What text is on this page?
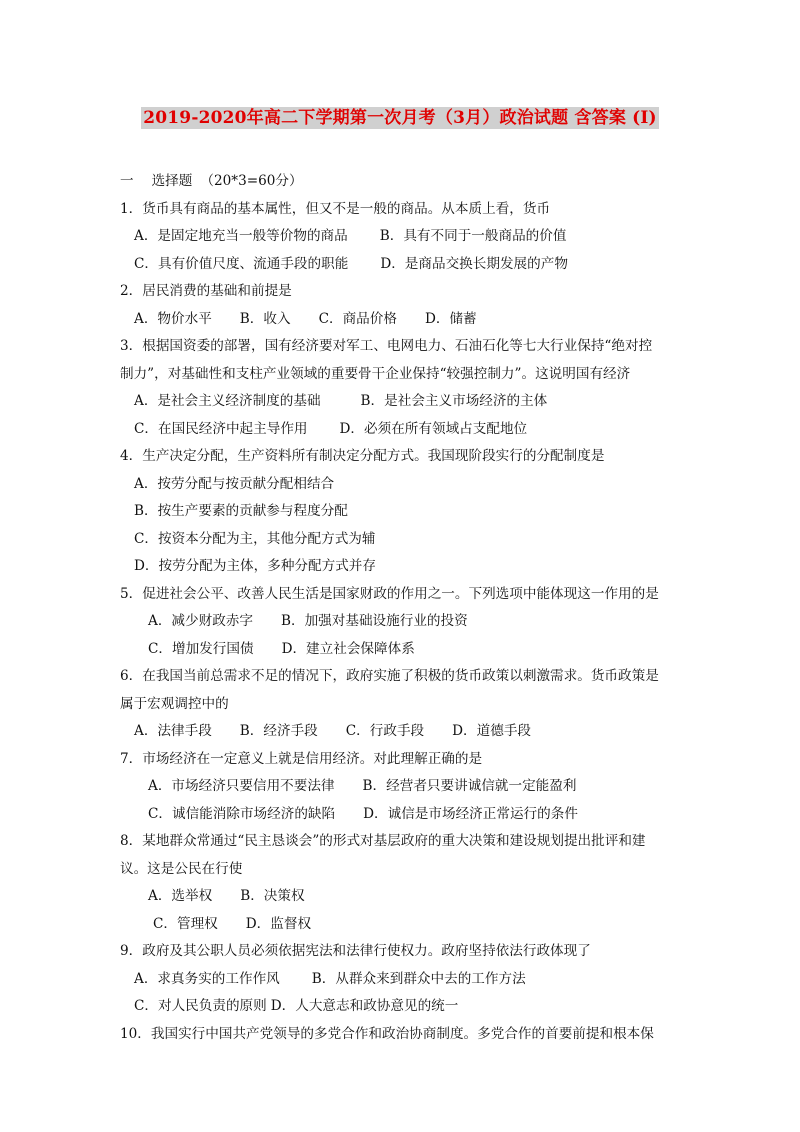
2019-2020年高二下学期第一次月考（3月）政治试题 含答案 (I)
一 选择题 （20*3=60分）
1．货币具有商品的基本属性，但又不是一般的商品。从本质上看，货币
A．是固定地充当一般等价物的商品 B．具有不同于一般商品的价值
C．具有价值尺度、流通手段的职能 D．是商品交换长期发展的产物
2．居民消费的基础和前提是
A．物价水平 B．收入 C．商品价格 D．储蓄
3．根据国资委的部署，国有经济要对军工、电网电力、石油石化等七大行业保持“绝对控
制力”，对基础性和支柱产业领域的重要骨干企业保持“较强控制力”。这说明国有经济
A．是社会主义经济制度的基础	B．是社会主义市场经济的主体
C．在国民经济中起主导作用 D．必须在所有领域占支配地位
4．生产决定分配，生产资料所有制决定分配方式。我国现阶段实行的分配制度是
A．按劳分配与按贡献分配相结合
B．按生产要素的贡献参与程度分配
C．按资本分配为主，其他分配方式为辅
D．按劳分配为主体，多种分配方式并存
5．促进社会公平、改善人民生活是国家财政的作用之一。下列选项中能体现这一作用的是
A．减少财政赤字 B．加强对基础设施行业的投资
C．增加发行国债 D．建立社会保障体系
6．在我国当前总需求不足的情况下，政府实施了积极的货币政策以刺激需求。货币政策是
属于宏观调控中的
A．法律手段 B．经济手段 C．行政手段 D．道德手段
7．市场经济在一定意义上就是信用经济。对此理解正确的是
A．市场经济只要信用不要法律 B．经营者只要讲诚信就一定能盈利
C．诚信能消除市场经济的缺陷 D．诚信是市场经济正常运行的条件
8．某地群众常通过“民主恳谈会”的形式对基层政府的重大决策和建设规划提出批评和建
议。这是公民在行使
A．选举权 B．决策权
C．管理权 D．监督权
9．政府及其公职人员必须依据宪法和法律行使权力。政府坚持依法行政体现了
A．求真务实的工作作风 B．从群众来到群众中去的工作方法
C．对人民负责的原则 D．人大意志和政协意见的统一
10．我国实行中国共产党领导的多党合作和政治协商制度。多党合作的首要前提和根本保
